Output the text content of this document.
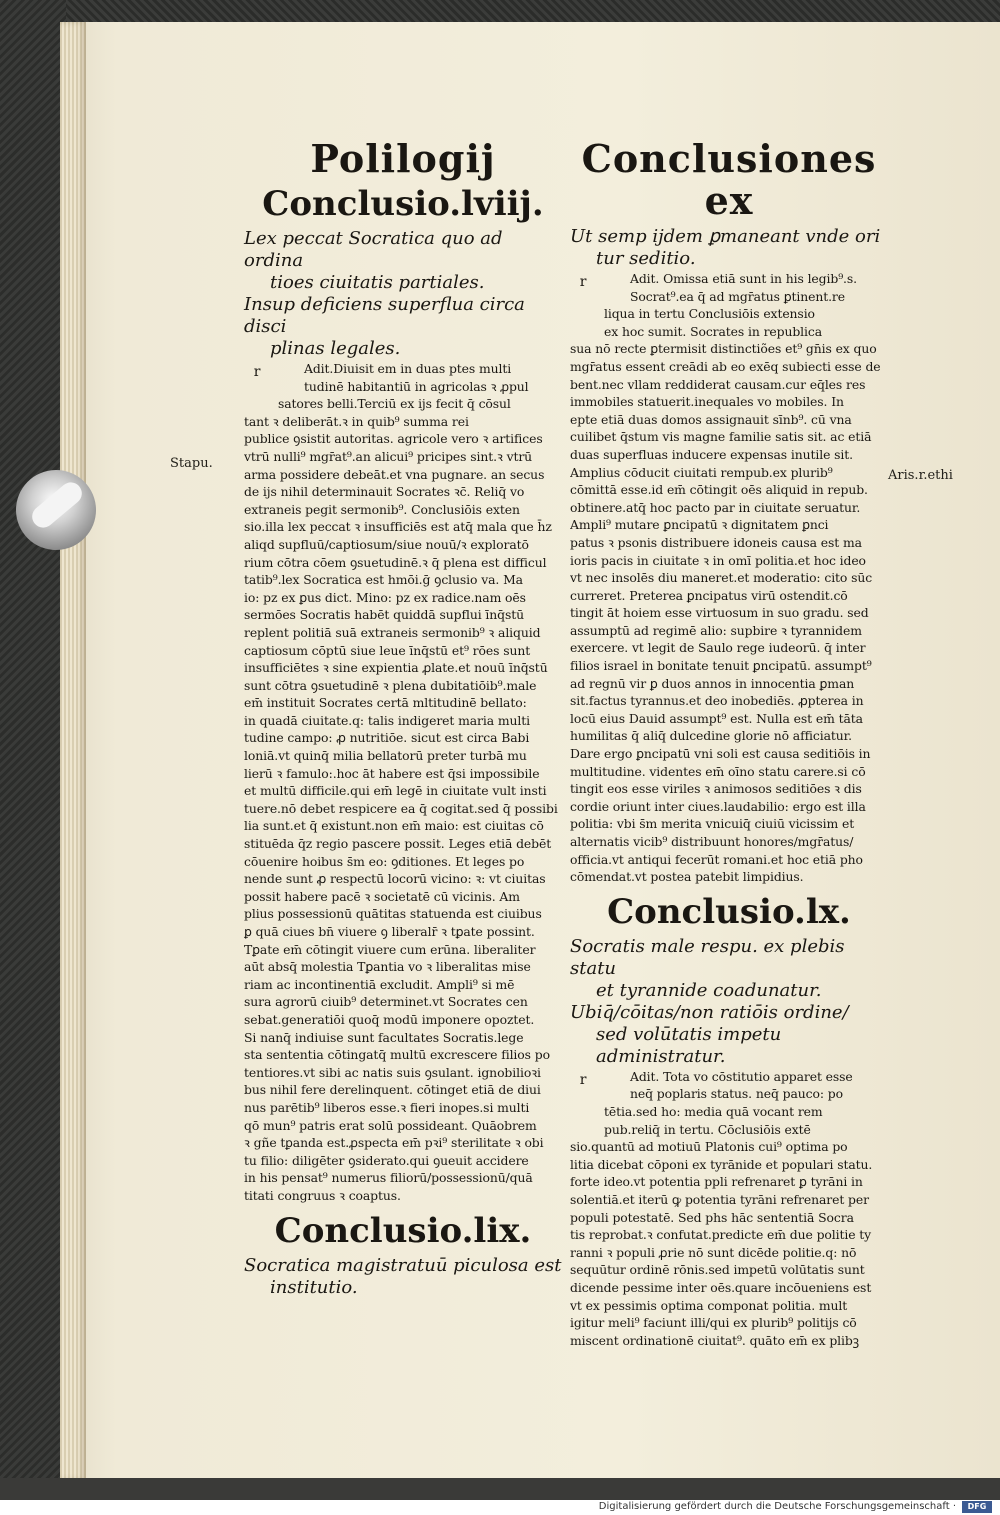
Stapu.
Aris.r.ethi
Polilogij
Conclusio.lviij.
Lex peccat Socratica quo ad ordina
tioes ciuitatis partiales.
Insup deficiens superflua circa disci
plinas legales.
r	Adit.Diuisit em in duas ptes multi
tudinē habitantiū in agricolas ꝛ ꝓpul
satores belli.Terciū ex ijs fecit q̄ cōsul
tant ꝛ deliberāt.ꝛ in quib⁹ summa rei
publice ꝯsistit autoritas. agricole vero ꝛ artifices
vtrū nulli⁹ mgr̄at⁹.an alicui⁹ pricipes sint.ꝛ vtrū
arma possidere debeāt.et vna pugnare. an secus
de ijs nihil determinauit Socrates ꝛc̄. Reliq̄ vo
extraneis pegit sermonib⁹. Conclusiōis exten
sio.illa lex peccat ꝛ insufficiēs est atq̄ mala que h̄z
aliqd supfluū/captiosum/siue nouū/ꝛ exploratō
rium cōtra cōem ꝯsuetudinē.ꝛ q̄ plena est difficul
tatib⁹.lex Socratica est hmōi.ḡ ꝯclusio va. Ma
io: pz ex ꝑus dict. Mino: pz ex radice.nam oēs
sermōes Socratis habēt quiddā supflui īnq̄stū
replent politiā suā extraneis sermonib⁹ ꝛ aliquid
captiosum cōptū siue leue īnq̄stū et⁹ rōes sunt
insufficiētes ꝛ sine expientia ꝓlate.et nouū īnq̄stū
sunt cōtra ꝯsuetudinē ꝛ plena dubitatiōib⁹.male
em̄ instituit Socrates certā mltitudinē bellato:
in quadā ciuitate.q: talis indigeret maria multi
tudine campo: ꝓ nutritiōe. sicut est circa Babi
loniā.vt quinq̄ milia bellatorū preter turbā mu
lierū ꝛ famulo:.hoc āt habere est q̄si impossibile
et multū difficile.qui em̄ legē in ciuitate vult insti
tuere.nō debet respicere ea q̄ cogitat.sed q̄ possibi
lia sunt.et q̄ existunt.non em̄ maio: est ciuitas cō
stituēda q̄z regio pascere possit. Leges etiā debēt
cōuenire hoibus s̄m eo: ꝯditiones. Et leges po
nende sunt ꝓ respectū locorū vicino: ꝛ: vt ciuitas
possit habere pacē ꝛ societatē cū vicinis. Am
plius possessionū quātitas statuenda est ciuibus
ꝑ quā ciues bn̄ viuere ꝯ liberalr̄ ꝛ tꝑate possint.
Tꝑate em̄ cōtingit viuere cum erūna. liberaliter
aūt absq̄ molestia Tꝑantia vo ꝛ liberalitas mise
riam ac incontinentiā excludit. Ampli⁹ si mē
sura agrorū ciuib⁹ determinet.vt Socrates cen
sebat.generatiōi quoq̄ modū imponere opoztet.
Si nanq̄ indiuise sunt facultates Socratis.lege
sta sententia cōtingatq̄ multū excrescere filios po
tentiores.vt sibi ac natis suis ꝯsulant. ignobilioꝛi
bus nihil fere derelinquent. cōtinget etiā de diui
nus parētib⁹ liberos esse.ꝛ fieri inopes.si multi
qō mun⁹ patris erat solū possideant. Quāobrem
ꝛ gñe tꝑanda est.ꝓspecta em̄ pꝛi⁹ sterilitate ꝛ obi
tu filio: diligēter ꝯsiderato.qui ꝯueuit accidere
in his pensat⁹ numerus filiorū/possessionū/quā
titati congruus ꝛ coaptus.
Conclusio.lix.
Socratica magistratuū piculosa est
institutio.
Conclusiones ex
Ut semp ijdem ꝑmaneant vnde ori
tur seditio.
r	Adit. Omissa etiā sunt in his legib⁹.s.
Socrat⁹.ea q̄ ad mgr̄atus ꝑtinent.re
liqua in tertu Conclusiōis extensio
ex hoc sumit. Socrates in republica
sua nō recte ꝑtermisit distinctiões et⁹ gn̄is ex quo
mgr̄atus essent creādi ab eo exēq subiecti esse de
bent.nec vllam reddiderat causam.cur eq̄les res
immobiles statuerit.inequales vo mobiles. In
epte etiā duas domos assignauit sīnb⁹. cū vna
cuilibet q̄stum vis magne familie satis sit. ac etiā
duas superfluas inducere expensas inutile sit.
Amplius cōducit ciuitati rempub.ex plurib⁹
cōmittā esse.id em̄ cōtingit oēs aliquid in repub.
obtinere.atq̄ hoc pacto par in ciuitate seruatur.
Ampli⁹ mutare ꝑncipatū ꝛ dignitatem ꝑnci
patus ꝛ psonis distribuere idoneis causa est ma
ioris pacis in ciuitate ꝛ in omī politia.et hoc ideo
vt nec insolēs diu maneret.et moderatio: cito sūc
curreret. Preterea ꝑncipatus virū ostendit.cō
tingit āt hoiem esse virtuosum in suo gradu. sed
assumptū ad regimē alio: supbire ꝛ tyrannidem
exercere. vt legit de Saulo rege iudeorū. q̄ inter
filios israel in bonitate tenuit ꝑncipatū. assumpt⁹
ad regnū vir ꝑ duos annos in innocentia ꝑman
sit.factus tyrannus.et deo inobediēs. ꝓpterea in
locū eius Dauid assumpt⁹ est. Nulla est em̄ tāta
humilitas q̄ aliq̄ dulcedine glorie nō afficiatur.
Dare ergo ꝑncipatū vni soli est causa seditiōis in
multitudine. videntes em̄ oīno statu carere.si cō
tingit eos esse viriles ꝛ animosos seditiōes ꝛ dis
cordie oriunt inter ciues.laudabilio: ergo est illa
politia: vbi s̄m merita vnicuiq̄ ciuiū vicissim et
alternatis vicib⁹ distribuunt honores/mgr̄atus/
officia.vt antiqui fecerūt romani.et hoc etiā pho
cōmendat.vt postea patebit limpidius.
Conclusio.lx.
Socratis male respu. ex plebis statu
et tyrannide coadunatur.
Ubiq̄/cōitas/non ratiōis ordine/
sed volūtatis impetu administratur.
r	Adit. Tota vo cōstitutio apparet esse
neq̄ poplaris status. neq̄ pauco: po
tētia.sed ho: media quā vocant rem
pub.reliq̄ in tertu. Cōclusiōis extē
sio.quantū ad motiuū Platonis cui⁹ optima po
litia dicebat cōponi ex tyrānide et populari statu.
forte ideo.vt potentia ppli refrenaret ꝑ tyrāni in
solentiā.et iterū ꝙ potentia tyrāni refrenaret per
populi potestatē. Sed phs hāc sententiā Socra
tis reprobat.ꝛ confutat.predicte em̄ due politie ty
ranni ꝛ populi ꝓrie nō sunt dicēde politie.q: nō
sequūtur ordinē rōnis.sed impetū volūtatis sunt
dicende pessime inter oēs.quare incōueniens est
vt ex pessimis optima componat politia. mult
igitur meli⁹ faciunt illi/qui ex plurib⁹ politijs cō
miscent ordinationē ciuitat⁹. quāto em̄ ex plibꝫ
Digitalisierung gefördert durch die Deutsche Forschungsgemeinschaft ·	DFG
